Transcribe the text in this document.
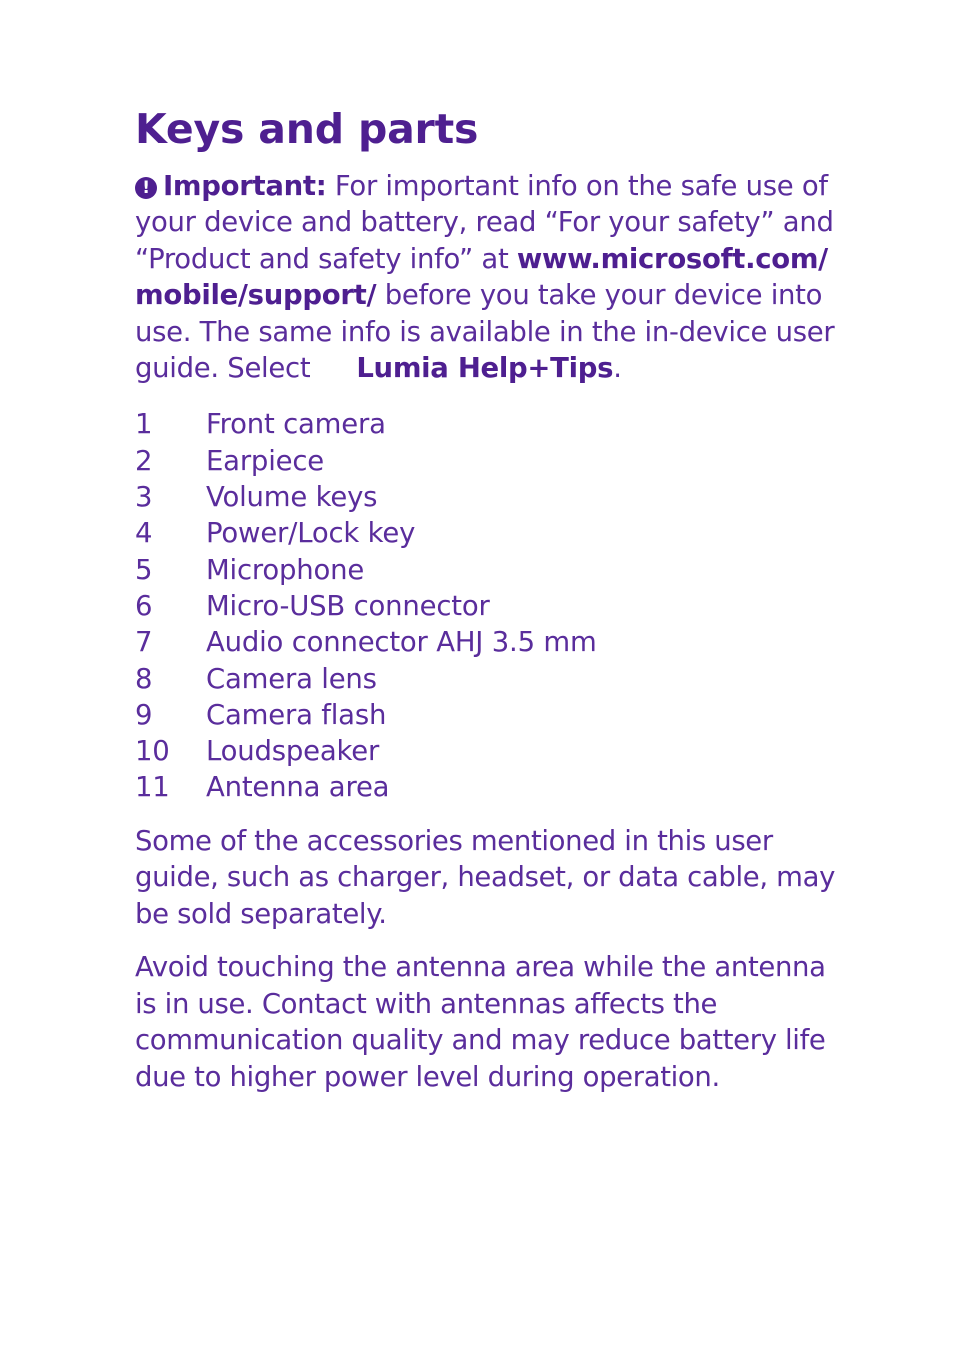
Keys and parts

! Important: For important info on the safe use of your device and battery, read “For your safety” and “Product and safety info” at www.microsoft.com/ mobile/support/ before you take your device into use. The same info is available in the in-device user guide. Select Lumia Help+Tips.

1	Front camera
2	Earpiece
3	Volume keys
4	Power/Lock key
5	Microphone
6	Micro-USB connector
7	Audio connector AHJ 3.5 mm
8	Camera lens
9	Camera flash
10	Loudspeaker
11	Antenna area

Some of the accessories mentioned in this user guide, such as charger, headset, or data cable, may be sold separately.

Avoid touching the antenna area while the antenna is in use. Contact with antennas affects the communication quality and may reduce battery life due to higher power level during operation.
